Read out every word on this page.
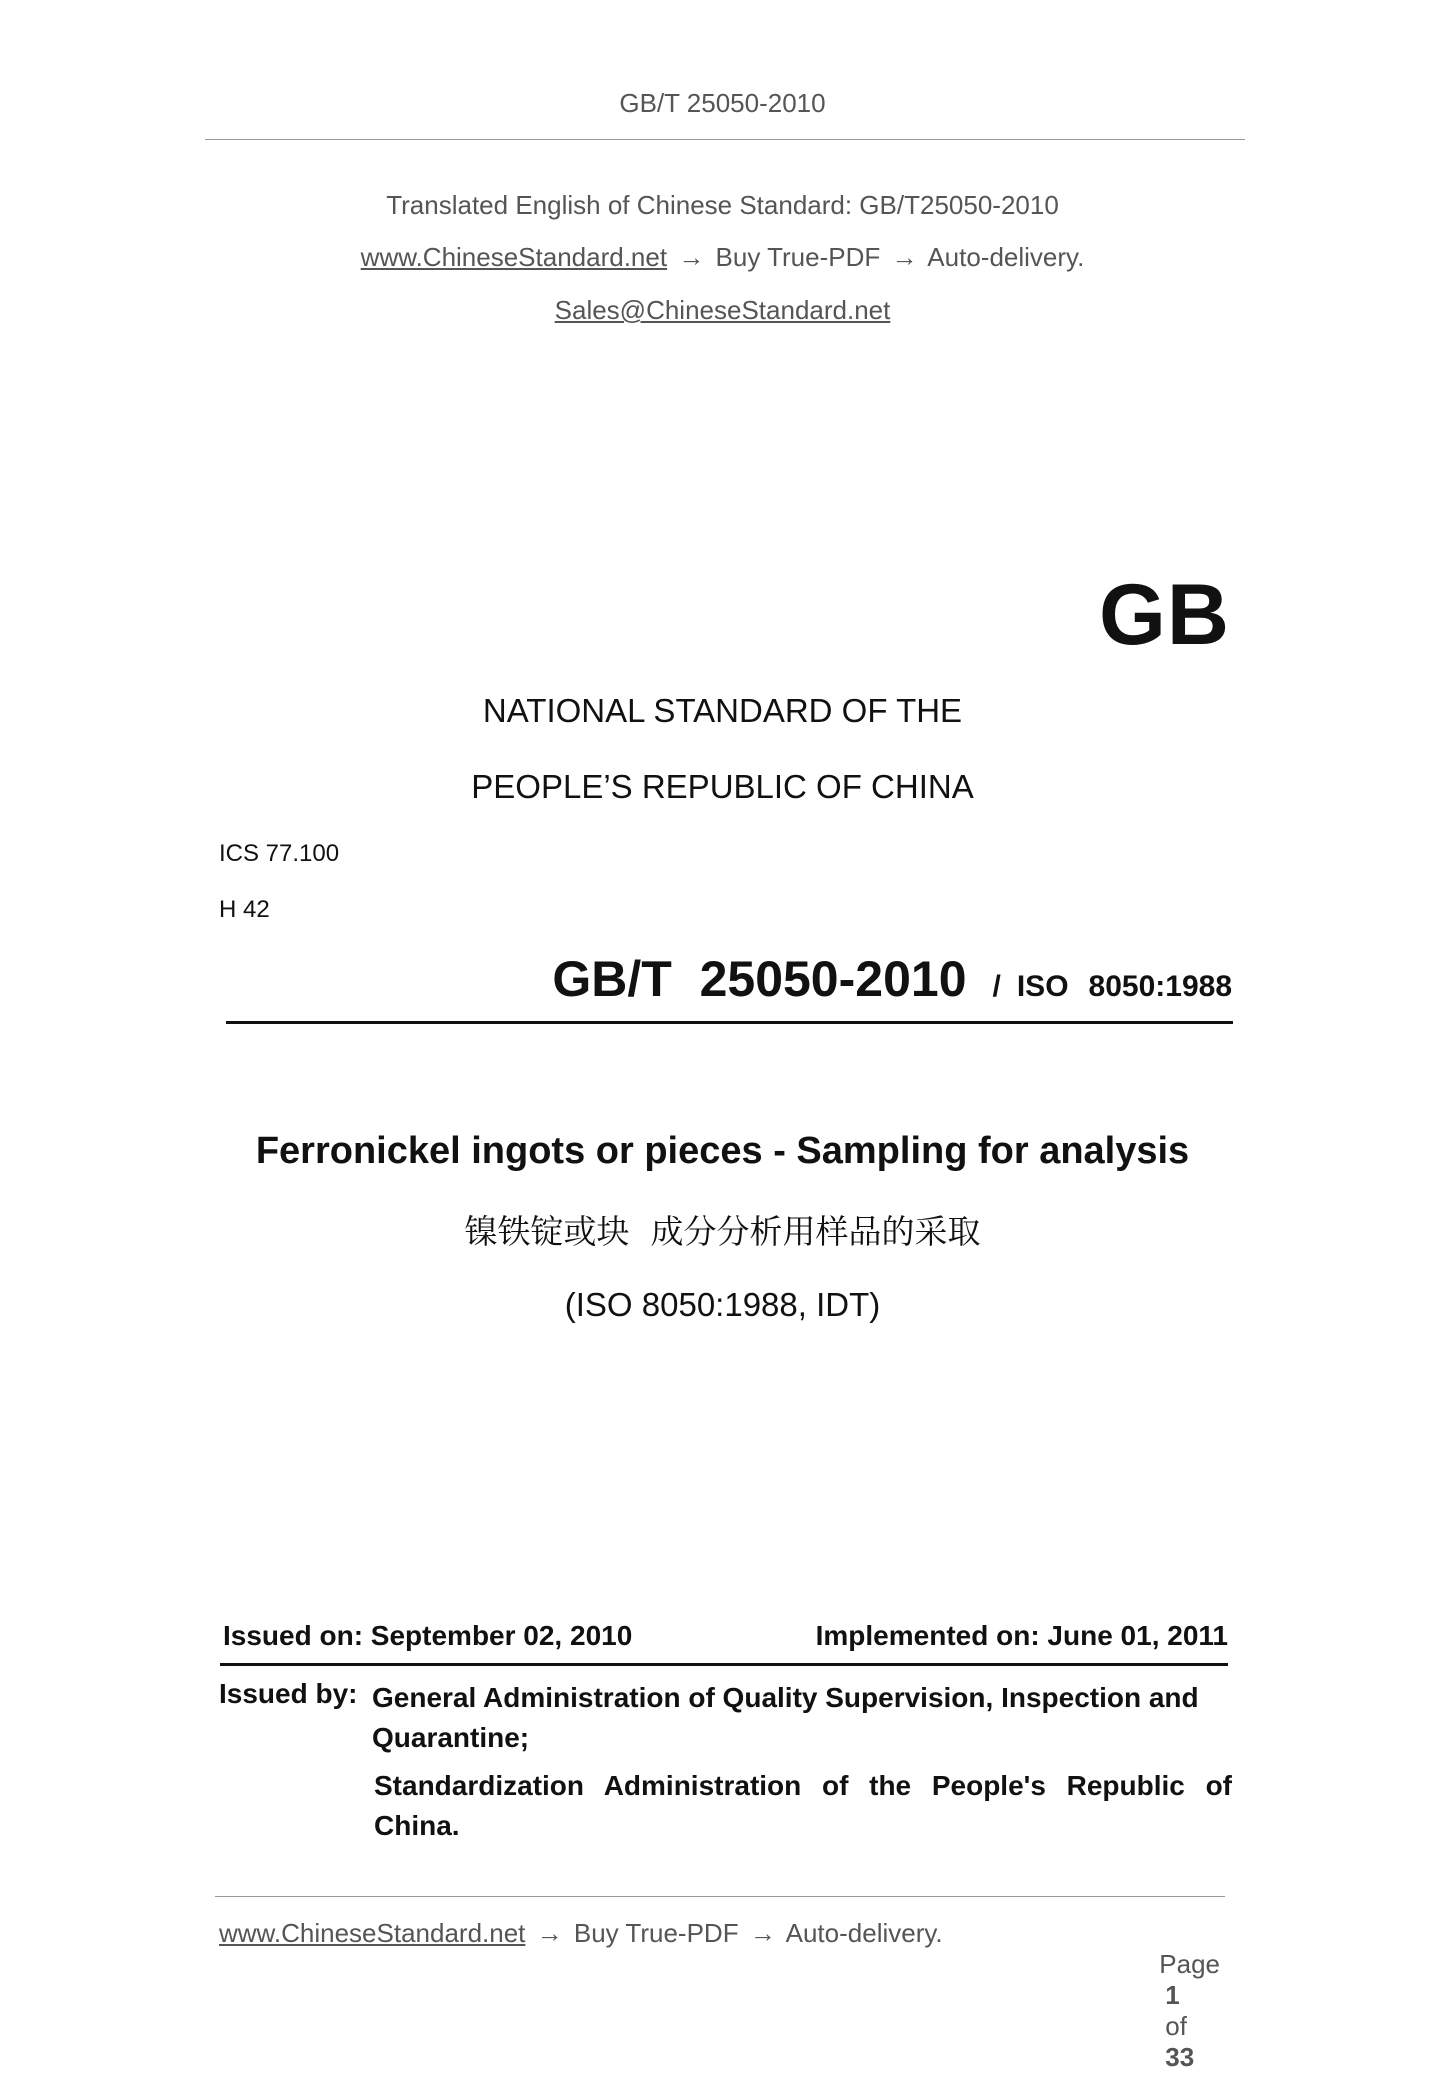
GB/T 25050-2010
Translated English of Chinese Standard: GB/T25050-2010
www.ChineseStandard.net → Buy True-PDF → Auto-delivery.
Sales@ChineseStandard.net
GB
NATIONAL STANDARD OF THE
PEOPLE’S REPUBLIC OF CHINA
ICS 77.100
H 42
GB/T  25050-2010 / ISO 8050:1988
Ferronickel ingots or pieces - Sampling for analysis
镍铁锭或块  成分分析用样品的采取
(ISO 8050:1988, IDT)
Issued on: September 02, 2010	Implemented on: June 01, 2011
Issued by: General Administration of Quality Supervision, Inspection and Quarantine;
Standardization Administration of the People's Republic of China.
www.ChineseStandard.net → Buy True-PDF → Auto-delivery.

Page
1
of
33
